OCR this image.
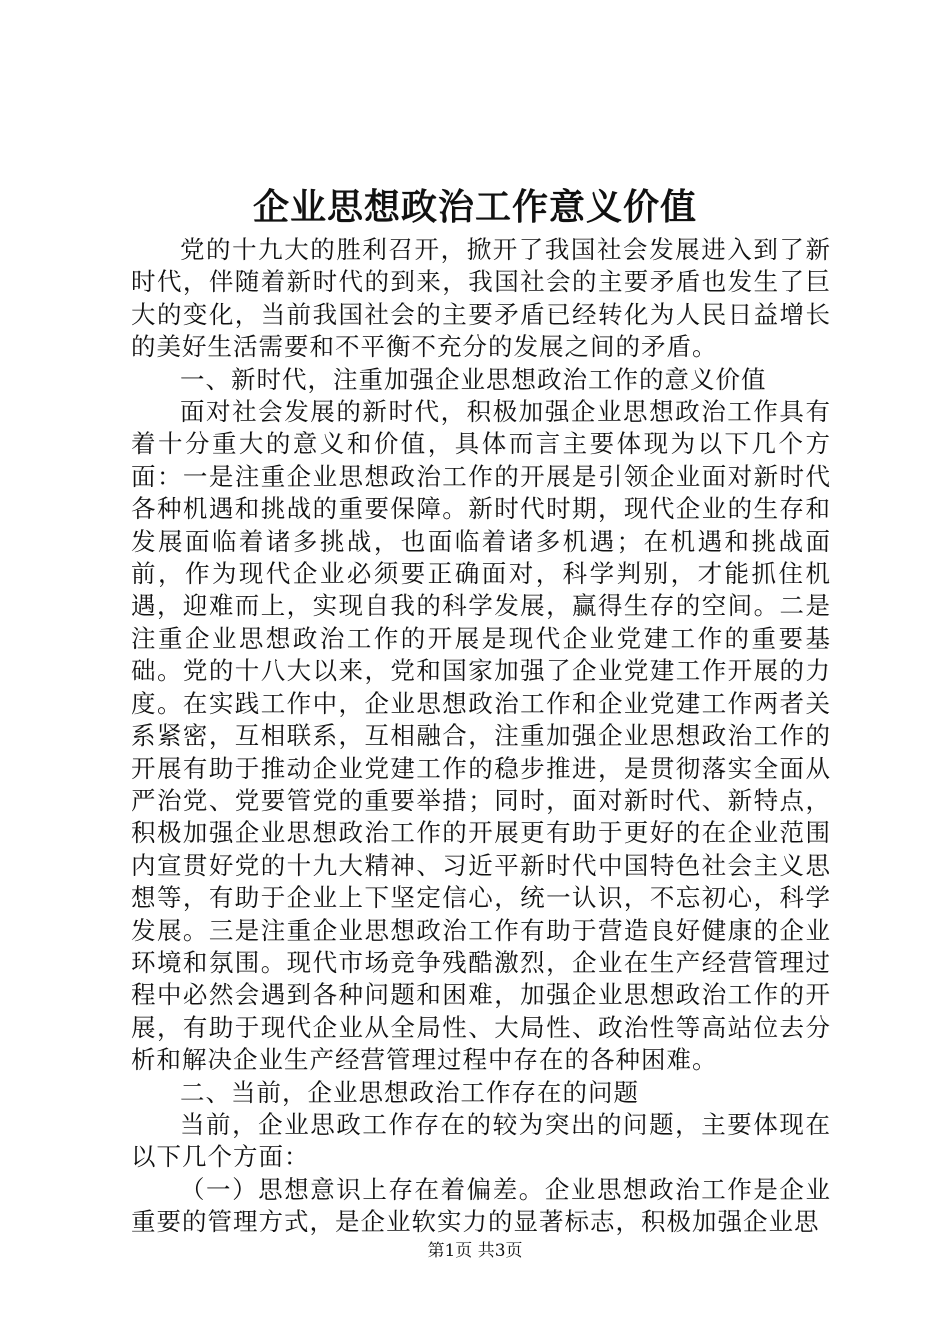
企业思想政治工作意义价值

党的十九大的胜利召开，掀开了我国社会发展进入到了新时代，伴随着新时代的到来，我国社会的主要矛盾也发生了巨大的变化，当前我国社会的主要矛盾已经转化为人民日益增长的美好生活需要和不平衡不充分的发展之间的矛盾。

一、新时代，注重加强企业思想政治工作的意义价值

面对社会发展的新时代，积极加强企业思想政治工作具有着十分重大的意义和价值，具体而言主要体现为以下几个方面：一是注重企业思想政治工作的开展是引领企业面对新时代各种机遇和挑战的重要保障。新时代时期，现代企业的生存和发展面临着诸多挑战，也面临着诸多机遇；在机遇和挑战面前，作为现代企业必须要正确面对，科学判别，才能抓住机遇，迎难而上，实现自我的科学发展，赢得生存的空间。二是注重企业思想政治工作的开展是现代企业党建工作的重要基础。党的十八大以来，党和国家加强了企业党建工作开展的力度。在实践工作中，企业思想政治工作和企业党建工作两者关系紧密，互相联系，互相融合，注重加强企业思想政治工作的开展有助于推动企业党建工作的稳步推进，是贯彻落实全面从严治党、党要管党的重要举措；同时，面对新时代、新特点，积极加强企业思想政治工作的开展更有助于更好的在企业范围内宣贯好党的十九大精神、习近平新时代中国特色社会主义思想等，有助于企业上下坚定信心，统一认识，不忘初心，科学发展。三是注重企业思想政治工作有助于营造良好健康的企业环境和氛围。现代市场竞争残酷激烈，企业在生产经营管理过程中必然会遇到各种问题和困难，加强企业思想政治工作的开展，有助于现代企业从全局性、大局性、政治性等高站位去分析和解决企业生产经营管理过程中存在的各种困难。

二、当前，企业思想政治工作存在的问题

当前，企业思政工作存在的较为突出的问题，主要体现在以下几个方面：

（一）思想意识上存在着偏差。企业思想政治工作是企业重要的管理方式，是企业软实力的显著标志，积极加强企业思

第1页 共3页
